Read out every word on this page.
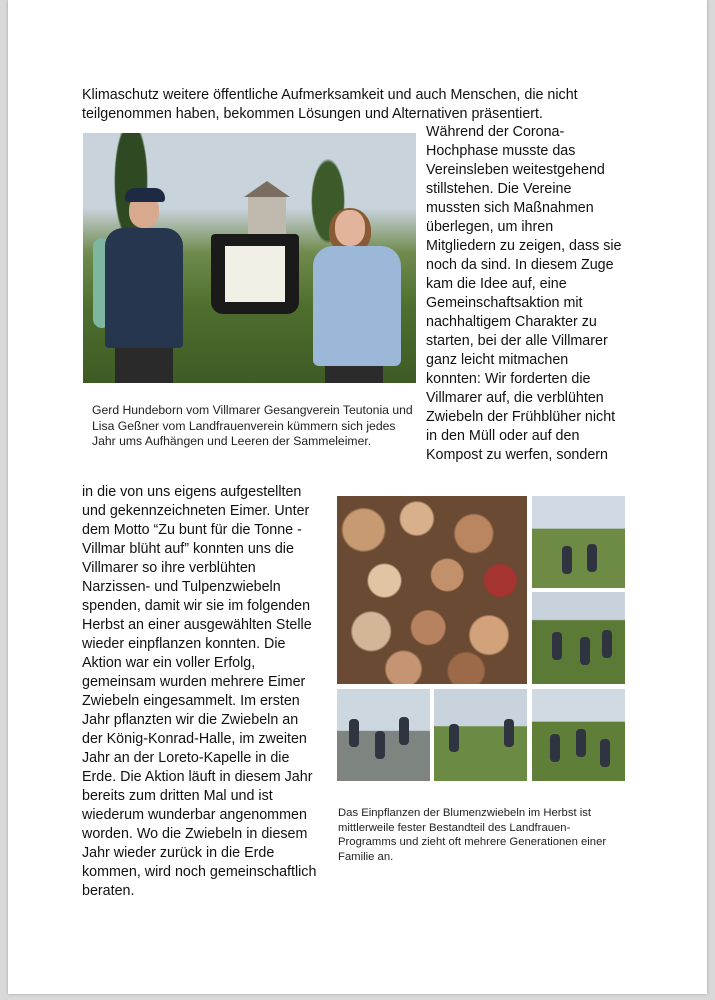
Klimaschutz weitere öffentliche Aufmerksamkeit und auch Menschen, die nicht teilgenommen haben, bekommen Lösungen und Alternativen präsentiert.
Während der Corona-Hochphase musste das Vereinsleben weitestgehend stillstehen. Die Vereine mussten sich Maßnahmen überlegen, um ihren Mitgliedern zu zeigen, dass sie noch da sind. In diesem Zuge kam die Idee auf, eine Gemeinschaftsaktion mit nachhaltigem Charakter zu starten, bei der alle Villmarer ganz leicht mitmachen konnten: Wir forderten die Villmarer auf, die verblühten Zwiebeln der Frühblüher nicht in den Müll oder auf den Kompost zu werfen, sondern
Gerd Hundeborn vom Villmarer Gesangverein Teutonia und Lisa Geßner vom Landfrauenverein kümmern sich jedes Jahr ums Aufhängen und Leeren der Sammeleimer.
in die von uns eigens aufgestellten und gekennzeichneten Eimer. Unter dem Motto “Zu bunt für die Tonne - Villmar blüht auf” konnten uns die Villmarer so ihre verblühten Narzissen- und Tulpenzwiebeln spenden, damit wir sie im folgenden Herbst an einer ausgewählten Stelle wieder einpflanzen konnten. Die Aktion war ein voller Erfolg, gemeinsam wurden mehrere Eimer Zwiebeln eingesammelt. Im ersten Jahr pflanzten wir die Zwiebeln an der König-Konrad-Halle, im zweiten Jahr an der Loreto-Kapelle in die Erde. Die Aktion läuft in diesem Jahr bereits zum dritten Mal und ist wiederum wunderbar angenommen worden. Wo die Zwiebeln in diesem Jahr wieder zurück in die Erde kommen, wird noch gemeinschaftlich beraten.
Das Einpflanzen der Blumenzwiebeln im Herbst ist mittlerweile fester Bestandteil des Landfrauen-Programms und zieht oft mehrere Generationen einer Familie an.
